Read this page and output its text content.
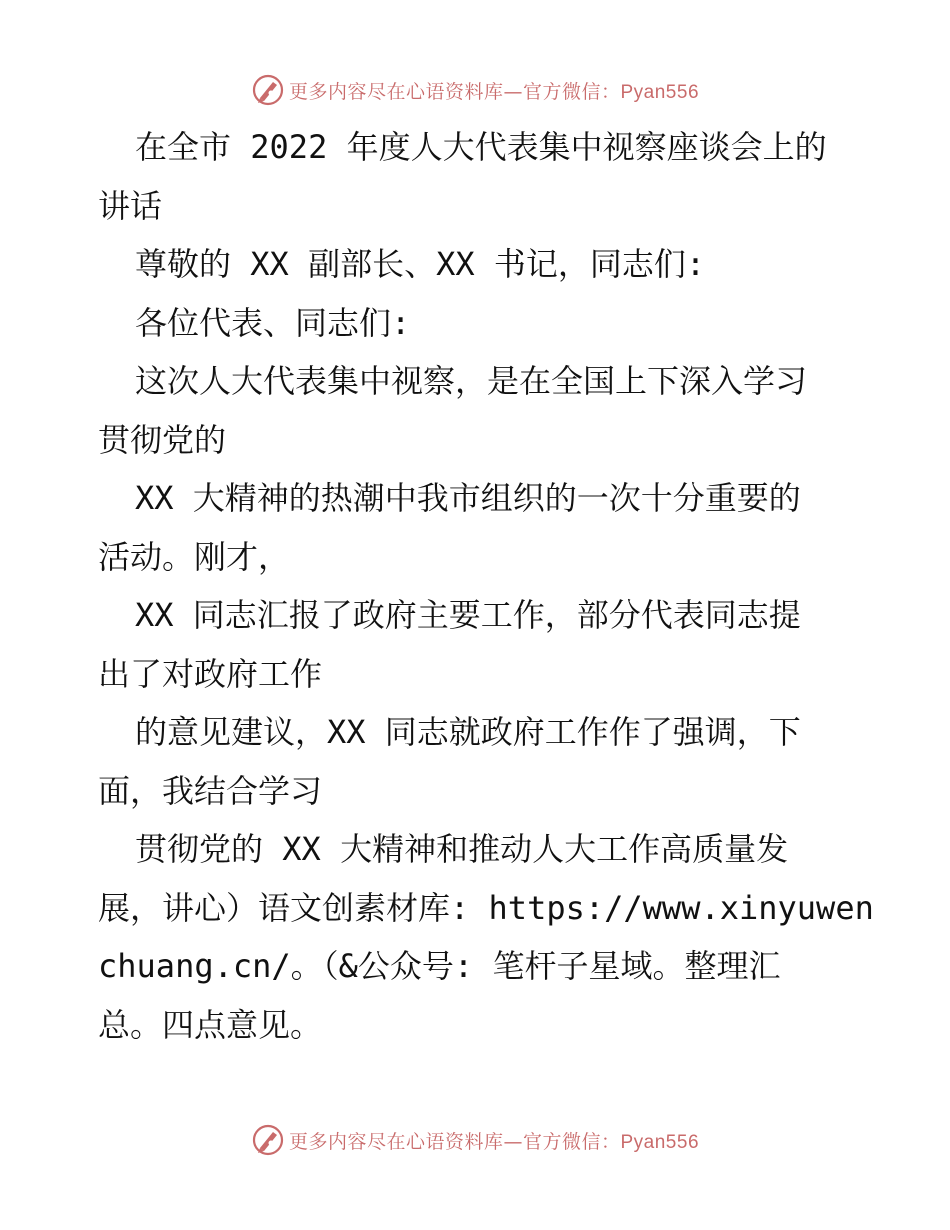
更多内容尽在心语资料库—官方微信：Pyan556
在全市 2022 年度人大代表集中视察座谈会上的
讲话
尊敬的 XX 副部长、XX 书记，同志们:
各位代表、同志们:
这次人大代表集中视察，是在全国上下深入学习
贯彻党的
XX 大精神的热潮中我市组织的一次十分重要的
活动。刚才，
XX 同志汇报了政府主要工作，部分代表同志提
出了对政府工作
的意见建议，XX 同志就政府工作作了强调，下
面，我结合学习
贯彻党的 XX 大精神和推动人大工作高质量发
展，讲心）语文创素材库: https://www.xinyuwen
chuang.cn/。（&公众号: 笔杆子星域。整理汇
总。四点意见。
更多内容尽在心语资料库—官方微信：Pyan556
